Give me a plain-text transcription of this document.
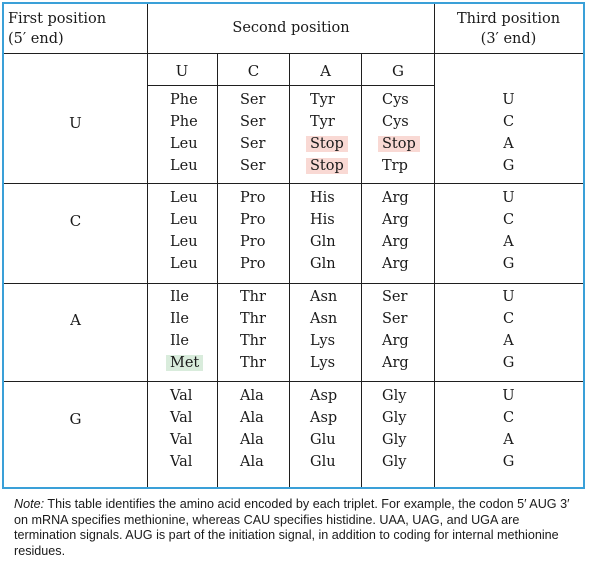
First position
(5′ end)
Second position
Third position
(3′ end)
U	C	A	G
U
Phe	Ser	Tyr	Cys	U
Phe	Ser	Tyr	Cys	C
Leu	Ser	Stop	Stop	A
Leu	Ser	Stop	Trp	G
C
Leu	Pro	His	Arg	U
Leu	Pro	His	Arg	C
Leu	Pro	Gln	Arg	A
Leu	Pro	Gln	Arg	G
A
Ile	Thr	Asn	Ser	U
Ile	Thr	Asn	Ser	C
Ile	Thr	Lys	Arg	A
Met	Thr	Lys	Arg	G
G
Val	Ala	Asp	Gly	U
Val	Ala	Asp	Gly	C
Val	Ala	Glu	Gly	A
Val	Ala	Glu	Gly	G
Note: This table identifies the amino acid encoded by each triplet. For example, the codon 5′ AUG 3′ on mRNA specifies methionine, whereas CAU specifies histidine. UAA, UAG, and UGA are termination signals. AUG is part of the initiation signal, in addition to coding for internal methionine residues.
